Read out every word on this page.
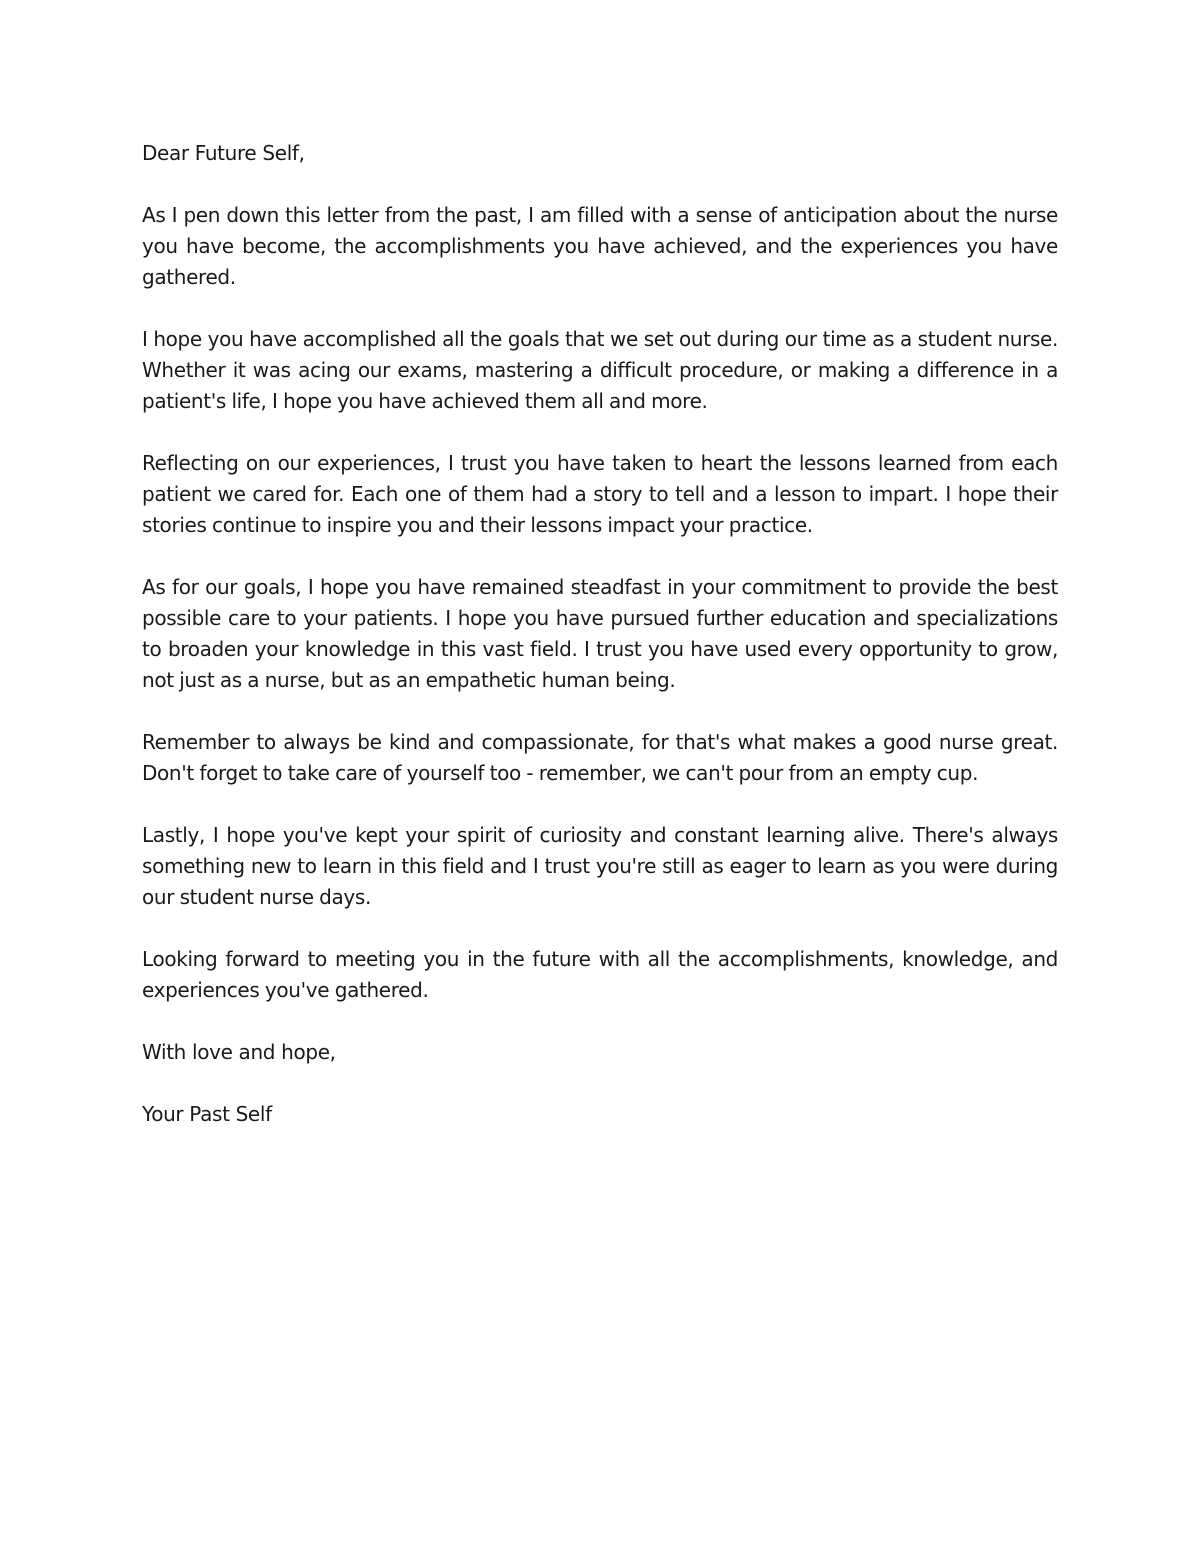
Dear Future Self,

As I pen down this letter from the past, I am filled with a sense of anticipation about the nurse you have become, the accomplishments you have achieved, and the experiences you have gathered.

I hope you have accomplished all the goals that we set out during our time as a student nurse. Whether it was acing our exams, mastering a difficult procedure, or making a difference in a patient's life, I hope you have achieved them all and more.

Reflecting on our experiences, I trust you have taken to heart the lessons learned from each patient we cared for. Each one of them had a story to tell and a lesson to impart. I hope their stories continue to inspire you and their lessons impact your practice.

As for our goals, I hope you have remained steadfast in your commitment to provide the best possible care to your patients. I hope you have pursued further education and specializations to broaden your knowledge in this vast field. I trust you have used every opportunity to grow, not just as a nurse, but as an empathetic human being.

Remember to always be kind and compassionate, for that's what makes a good nurse great. Don't forget to take care of yourself too - remember, we can't pour from an empty cup.

Lastly, I hope you've kept your spirit of curiosity and constant learning alive. There's always something new to learn in this field and I trust you're still as eager to learn as you were during our student nurse days.

Looking forward to meeting you in the future with all the accomplishments, knowledge, and experiences you've gathered.

With love and hope,
Your Past Self
